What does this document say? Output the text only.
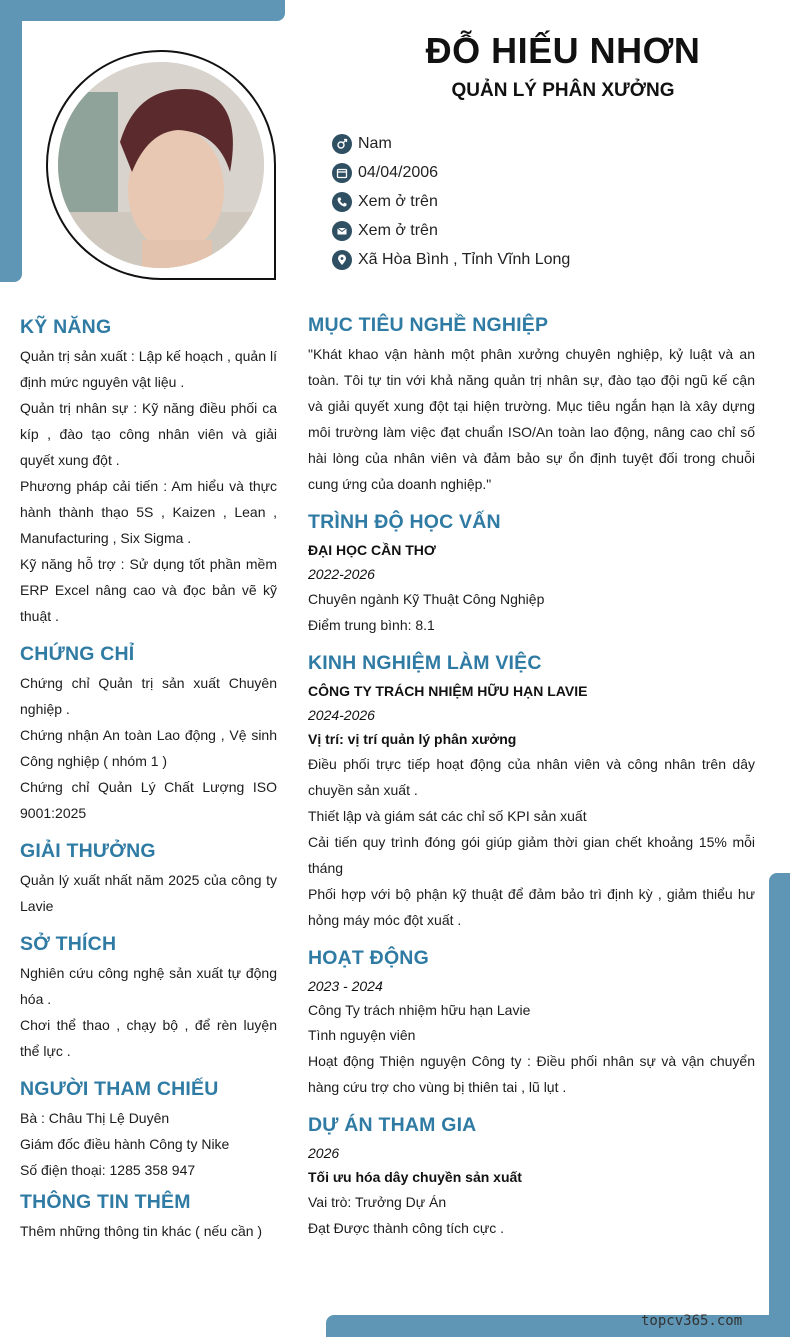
ĐỖ HIẾU NHƠN
QUẢN LÝ PHÂN XƯỞNG
Nam
04/04/2006
Xem ở trên
Xem ở trên
Xã Hòa Bình , Tỉnh Vĩnh Long
KỸ NĂNG
Quản trị sản xuất : Lập kế hoạch , quản lí định mức nguyên vật liệu .
Quản trị nhân sự : Kỹ năng điều phối ca kíp , đào tạo công nhân viên và giải quyết xung đột .
Phương pháp cải tiến : Am hiểu và thực hành thành thạo 5S , Kaizen , Lean , Manufacturing , Six Sigma .
Kỹ năng hỗ trợ : Sử dụng tốt phần mềm ERP Excel nâng cao và đọc bản vẽ kỹ thuật .
CHỨNG CHỈ
Chứng chỉ Quản trị sản xuất Chuyên nghiệp .
Chứng nhận An toàn Lao động , Vệ sinh Công nghiệp ( nhóm 1 )
Chứng chỉ Quản Lý Chất Lượng ISO 9001:2025
GIẢI THƯỞNG
Quản lý xuất nhất năm 2025 của công ty Lavie
SỞ THÍCH
Nghiên cứu công nghệ sản xuất tự động hóa .
Chơi thể thao , chạy bộ , để rèn luyện thể lực .
NGƯỜI THAM CHIẾU
Bà : Châu Thị Lệ Duyên
Giám đốc điều hành Công ty Nike
Số điện thoại: 1285 358 947
THÔNG TIN THÊM
Thêm những thông tin khác ( nếu cần )
MỤC TIÊU NGHỀ NGHIỆP
"Khát khao vận hành một phân xưởng chuyên nghiệp, kỷ luật và an toàn. Tôi tự tin với khả năng quản trị nhân sự, đào tạo đội ngũ kế cận và giải quyết xung đột tại hiện trường. Mục tiêu ngắn hạn là xây dựng môi trường làm việc đạt chuẩn ISO/An toàn lao động, nâng cao chỉ số hài lòng của nhân viên và đảm bảo sự ổn định tuyệt đối trong chuỗi cung ứng của doanh nghiệp."
TRÌNH ĐỘ HỌC VẤN
ĐẠI HỌC CẦN THƠ
2022-2026
Chuyên ngành Kỹ Thuật Công Nghiệp
Điểm trung bình: 8.1
KINH NGHIỆM LÀM VIỆC
CÔNG TY TRÁCH NHIỆM HỮU HẠN LAVIE
2024-2026
Vị trí: vị trí quản lý phân xưởng
Điều phối trực tiếp hoạt động của nhân viên và công nhân trên dây chuyền sản xuất .
Thiết lập và giám sát các chỉ số KPI sản xuất
Cải tiến quy trình đóng gói giúp giảm thời gian chết khoảng 15% mỗi tháng
Phối hợp với bộ phận kỹ thuật để đảm bảo trì định kỳ , giảm thiểu hư hỏng máy móc đột xuất .
HOẠT ĐỘNG
2023 - 2024
Công Ty trách nhiệm hữu hạn Lavie
Tình nguyện viên
Hoạt động Thiện nguyện Công ty : Điều phối nhân sự và vận chuyển hàng cứu trợ cho vùng bị thiên tai , lũ lụt .
DỰ ÁN THAM GIA
2026
Tối ưu hóa dây chuyền sản xuất
Vai trò: Trưởng Dự Án
Đạt Được thành công tích cực .
topcv365.com
